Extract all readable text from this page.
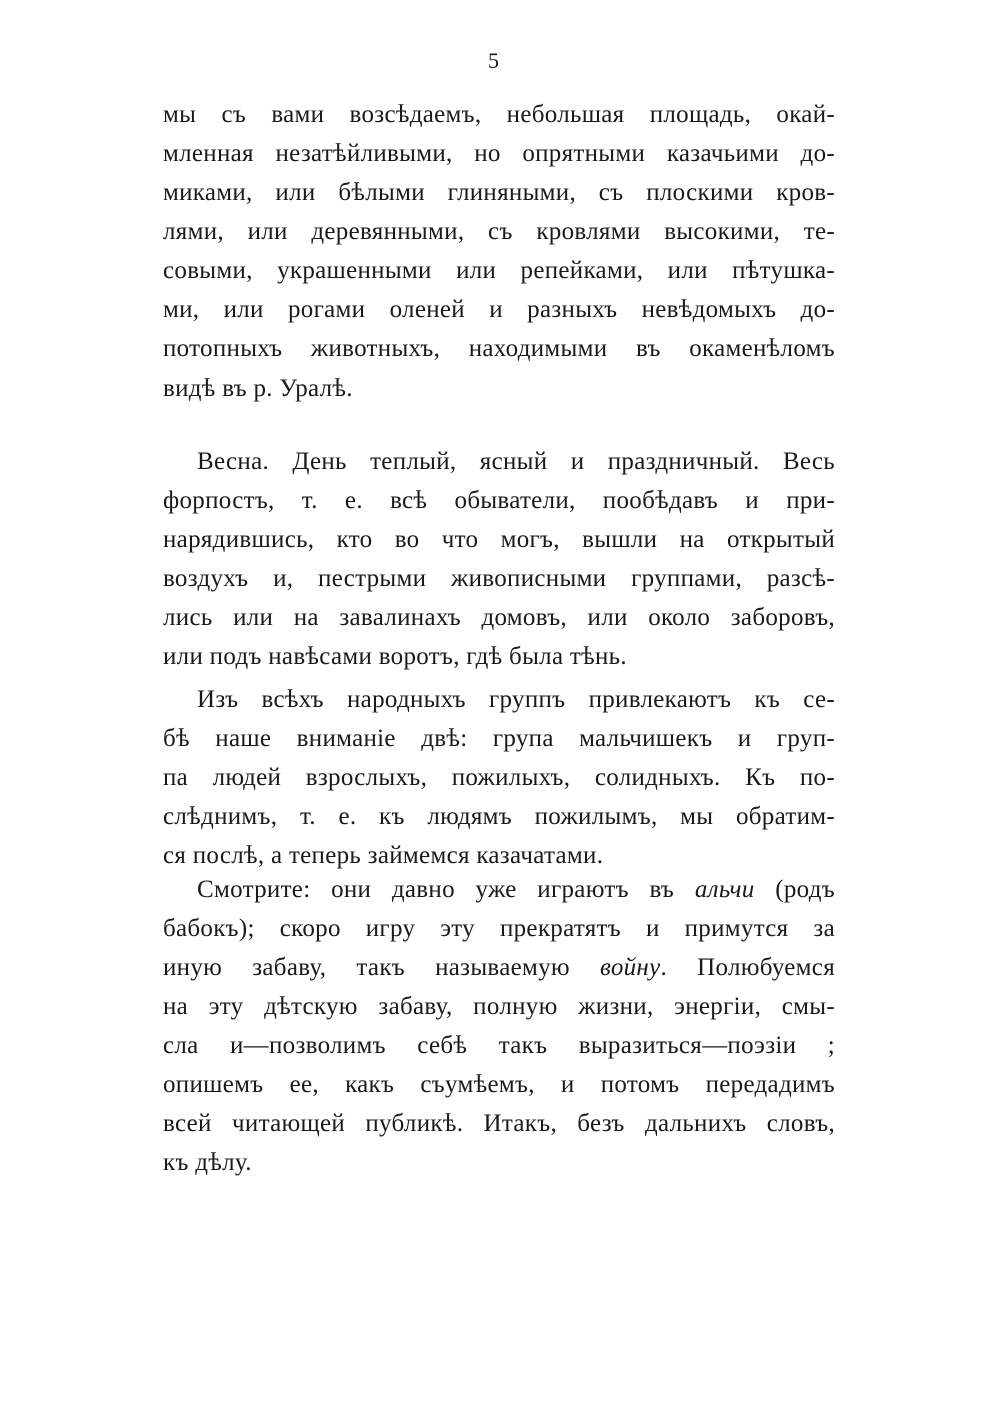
5
мы съ вами возсѣдаемъ, небольшая площадь, окай-
мленная незатѣйливыми, но опрятными казачьими до-
миками, или бѣлыми глиняными, съ плоскими кров-
лями, или деревянными, съ кровлями высокими, те-
совыми, украшенными или репейками, или пѣтушка-
ми, или рогами оленей и разныхъ невѣдомыхъ до-
потопныхъ животныхъ, находимыми въ окаменѣломъ
видѣ въ р. Уралѣ.
Весна. День теплый, ясный и праздничный. Весь
форпостъ, т. е. всѣ обыватели, пообѣдавъ и при-
нарядившись, кто во что могъ, вышли на открытый
воздухъ и, пестрыми живописными группами, разсѣ-
лись или на завалинахъ домовъ, или около заборовъ,
или подъ навѣсами воротъ, гдѣ была тѣнь.
Изъ всѣхъ народныхъ группъ привлекаютъ къ се-
бѣ наше вниманіе двѣ: група мальчишекъ и груп-
па людей взрослыхъ, пожилыхъ, солидныхъ. Къ по-
слѣднимъ, т. е. къ людямъ пожилымъ, мы обратим-
ся послѣ, а теперь займемся казачатами.
Смотрите: они давно уже играютъ въ альчи (родъ
бабокъ); скоро игру эту прекратятъ и примутся за
иную забаву, такъ называемую войну. Полюбуемся
на эту дѣтскую забаву, полную жизни, энергіи, смы-
сла и—позволимъ себѣ такъ выразиться—поэзіи ;
опишемъ ее, какъ съумѣемъ, и потомъ передадимъ
всей читающей публикѣ. Итакъ, безъ дальнихъ словъ,
къ дѣлу.
